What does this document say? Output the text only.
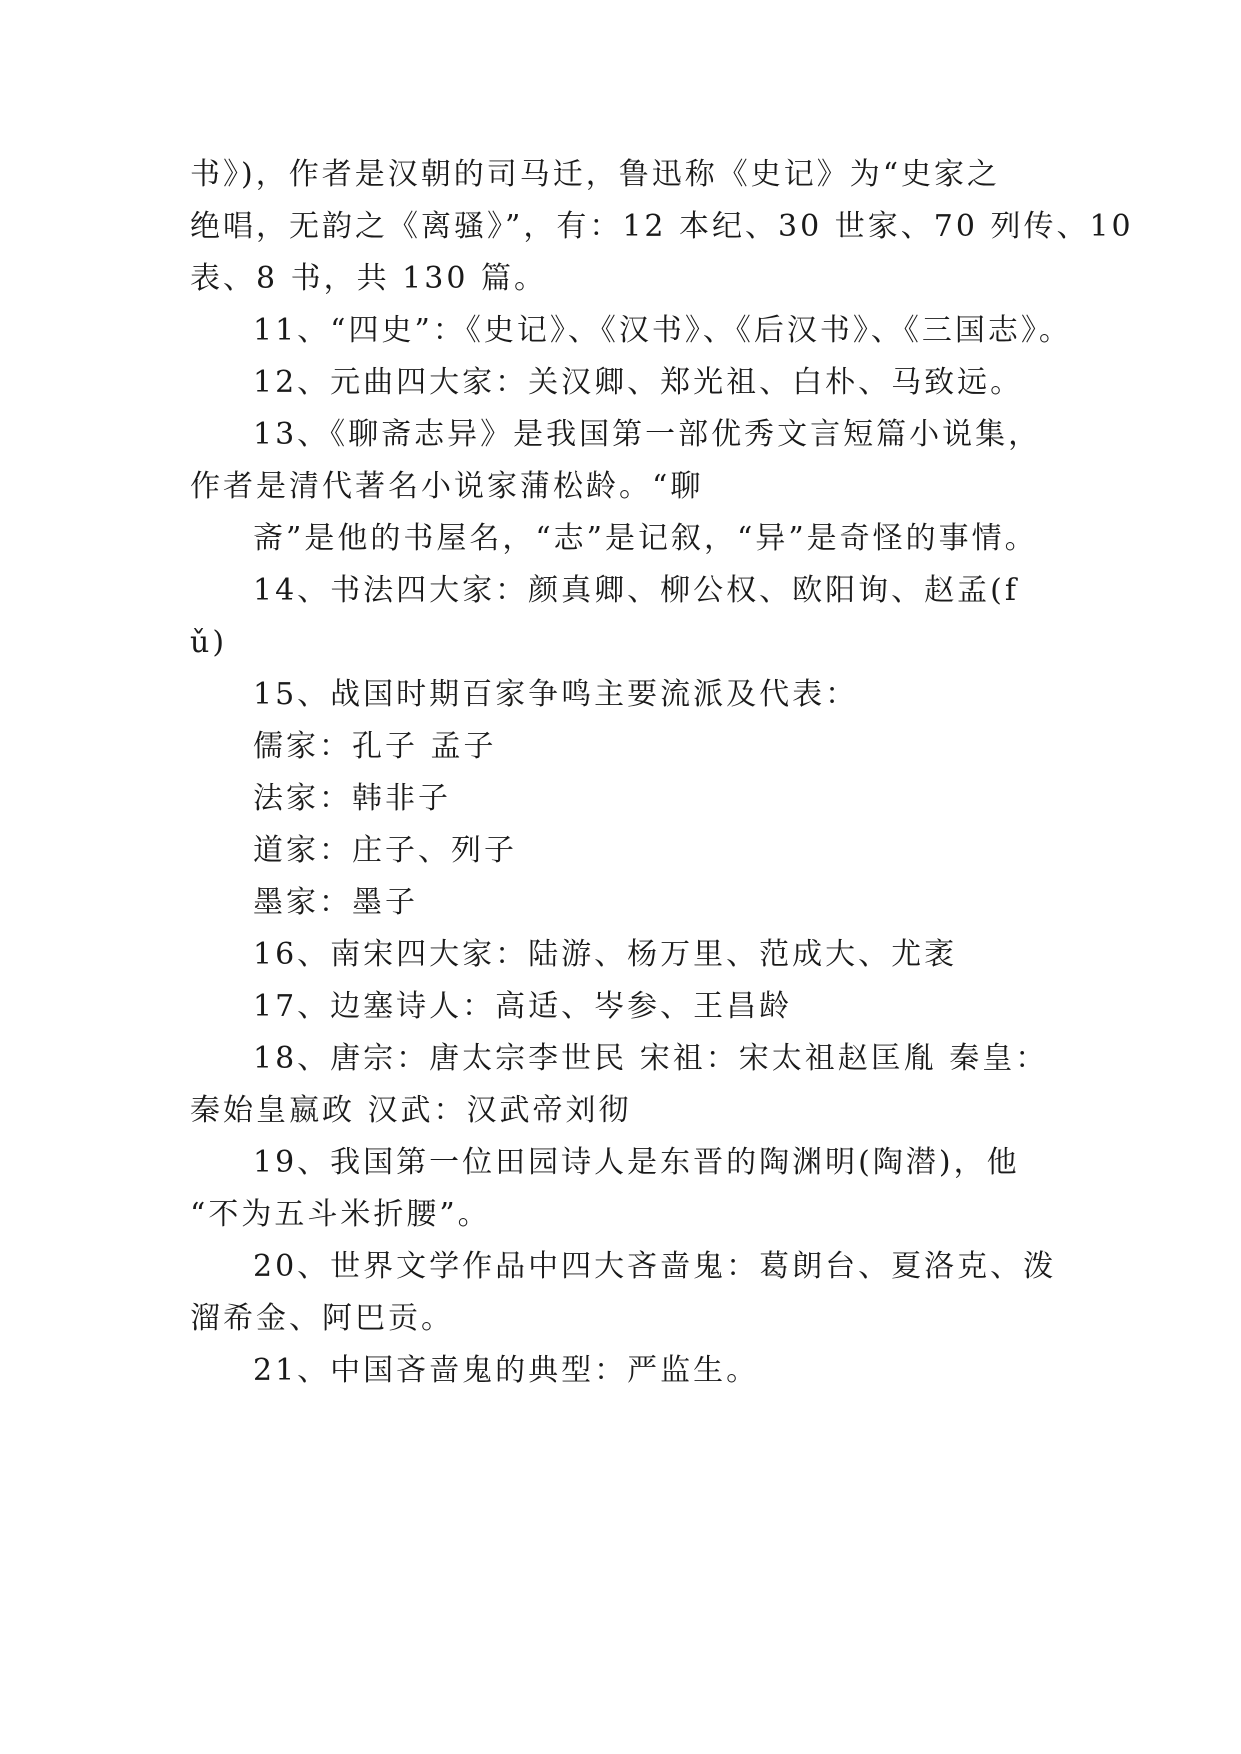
书》)，作者是汉朝的司马迁，鲁迅称《史记》为“史家之
绝唱，无韵之《离骚》”，有：12 本纪、30 世家、70 列传、10
表、8 书，共 130 篇。
11、“四史”：《史记》、《汉书》、《后汉书》、《三国志》。
12、元曲四大家：关汉卿、郑光祖、白朴、马致远。
13、《聊斋志异》是我国第一部优秀文言短篇小说集，
作者是清代著名小说家蒲松龄。“聊
斋”是他的书屋名，“志”是记叙，“异”是奇怪的事情。
14、书法四大家：颜真卿、柳公权、欧阳询、赵孟(f
ǔ)
15、战国时期百家争鸣主要流派及代表：
儒家：孔子 孟子
法家：韩非子
道家：庄子、列子
墨家：墨子
16、南宋四大家：陆游、杨万里、范成大、尤袤
17、边塞诗人：高适、岑参、王昌龄
18、唐宗：唐太宗李世民 宋祖：宋太祖赵匡胤 秦皇：
秦始皇嬴政 汉武：汉武帝刘彻
19、我国第一位田园诗人是东晋的陶渊明(陶潜)，他
“不为五斗米折腰”。
20、世界文学作品中四大吝啬鬼：葛朗台、夏洛克、泼
溜希金、阿巴贡。
21、中国吝啬鬼的典型：严监生。
